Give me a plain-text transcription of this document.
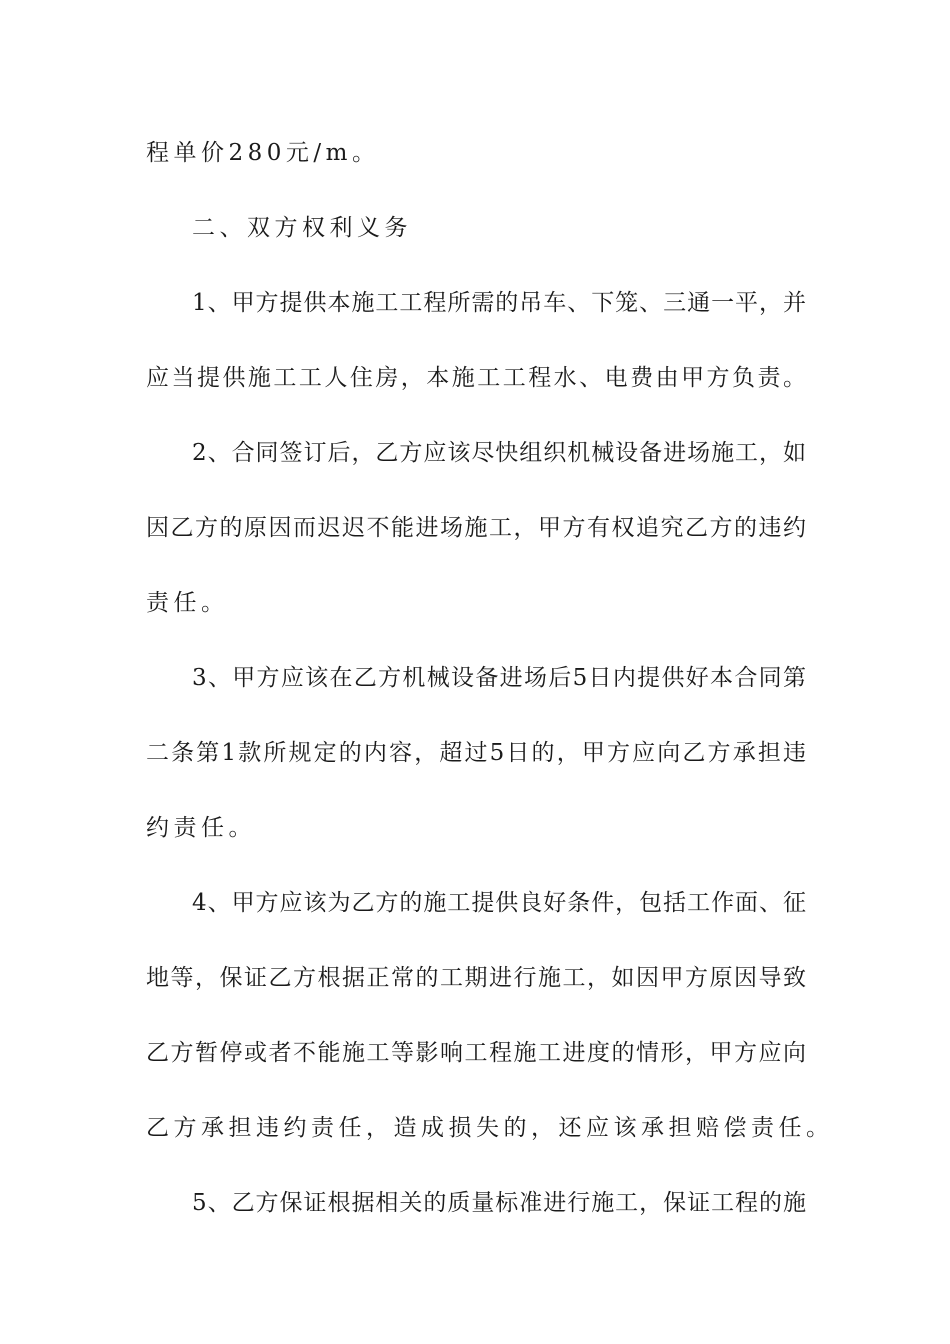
程单价280元/m。

二、双方权利义务

1、甲方提供本施工工程所需的吊车、下笼、三通一平，并

应当提供施工工人住房，本施工工程水、电费由甲方负责。

2、合同签订后，乙方应该尽快组织机械设备进场施工，如

因乙方的原因而迟迟不能进场施工，甲方有权追究乙方的违约

责任。

3、甲方应该在乙方机械设备进场后5日内提供好本合同第

二条第1款所规定的内容，超过5日的，甲方应向乙方承担违

约责任。

4、甲方应该为乙方的施工提供良好条件，包括工作面、征

地等，保证乙方根据正常的工期进行施工，如因甲方原因导致

乙方暂停或者不能施工等影响工程施工进度的情形，甲方应向

乙方承担违约责任，造成损失的，还应该承担赔偿责任。

5、乙方保证根据相关的质量标准进行施工，保证工程的施
